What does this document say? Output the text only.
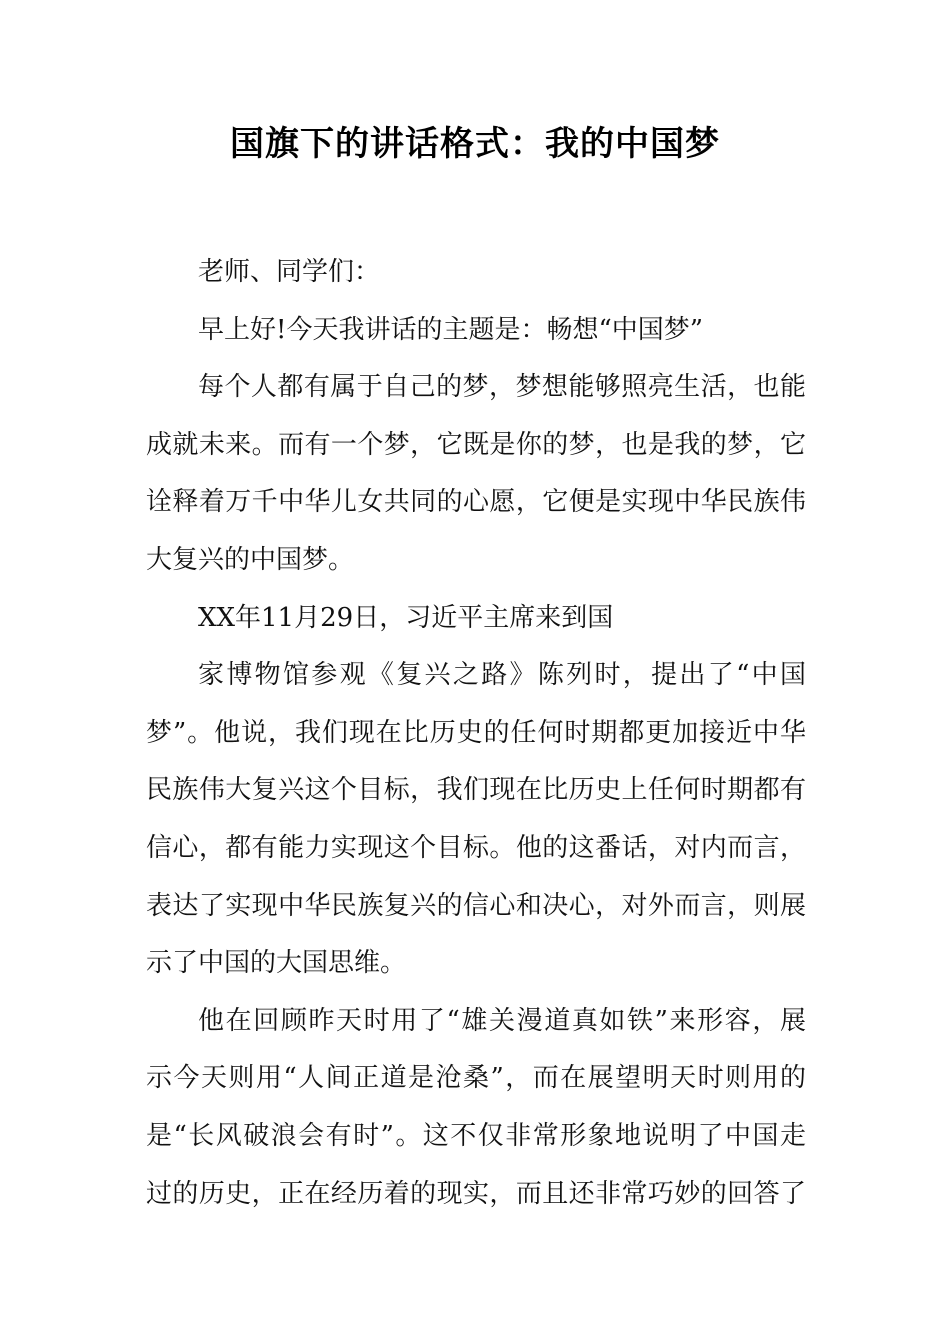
国旗下的讲话格式：我的中国梦
老师、同学们：
早上好!今天我讲话的主题是：畅想“中国梦”
每个人都有属于自己的梦，梦想能够照亮生活，也能
成就未来。而有一个梦，它既是你的梦，也是我的梦，它
诠释着万千中华儿女共同的心愿，它便是实现中华民族伟
大复兴的中国梦。
XX年11月29日，习近平主席来到国
家博物馆参观《复兴之路》陈列时，提出了“中国
梦”。他说，我们现在比历史的任何时期都更加接近中华
民族伟大复兴这个目标，我们现在比历史上任何时期都有
信心，都有能力实现这个目标。他的这番话，对内而言，
表达了实现中华民族复兴的信心和决心，对外而言，则展
示了中国的大国思维。
他在回顾昨天时用了“雄关漫道真如铁”来形容，展
示今天则用“人间正道是沧桑”，而在展望明天时则用的
是“长风破浪会有时”。这不仅非常形象地说明了中国走
过的历史，正在经历着的现实，而且还非常巧妙的回答了
